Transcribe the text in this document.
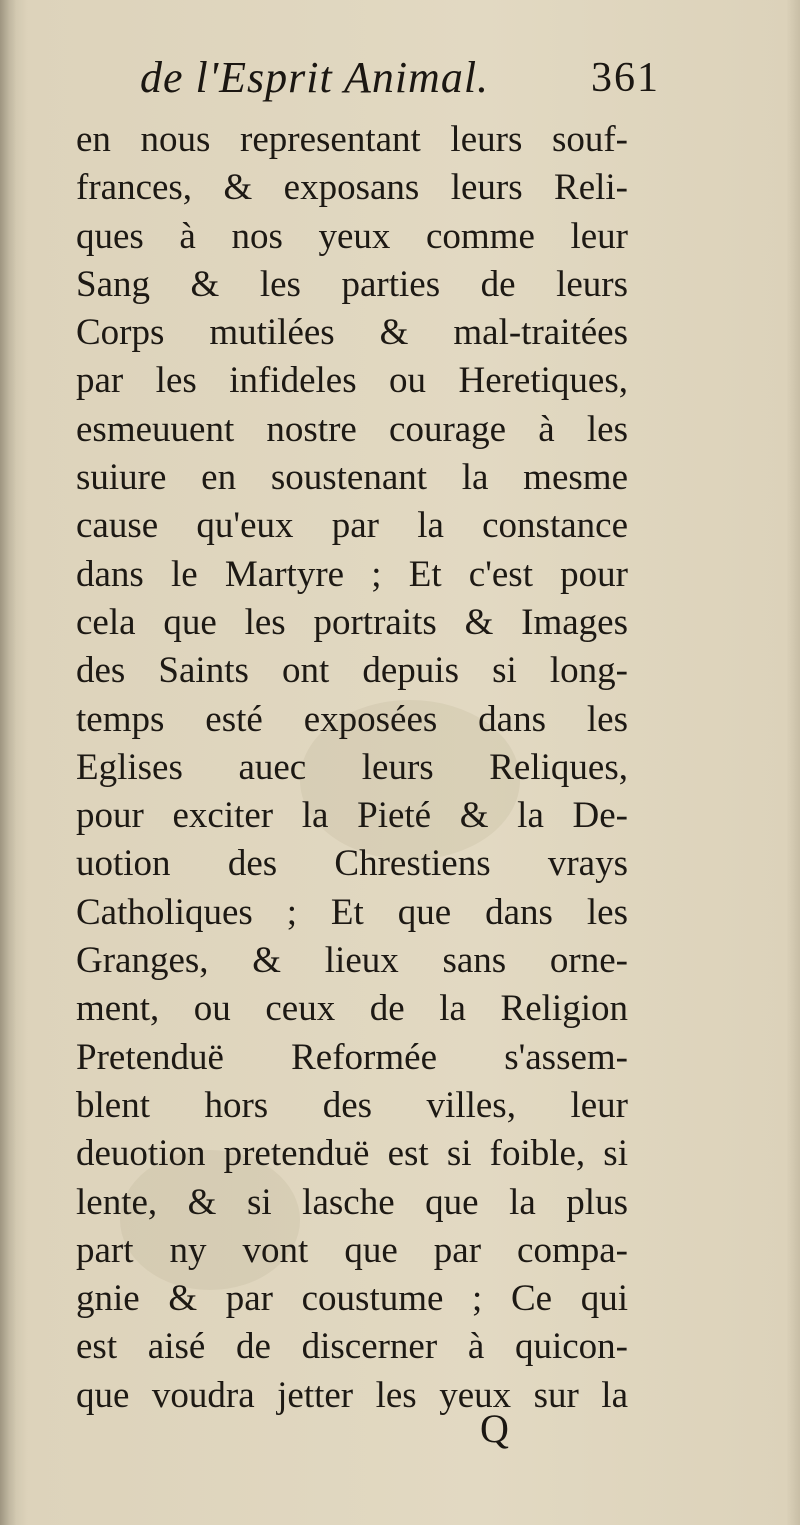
de l'Esprit Animal. 361
en nous representant leurs souf-
frances, & exposans leurs Reli-
ques à nos yeux comme leur
Sang & les parties de leurs
Corps mutilées & mal-traitées
par les infideles ou Heretiques,
esmeuuent nostre courage à les
suiure en soustenant la mesme
cause qu'eux par la constance
dans le Martyre ; Et c'est pour
cela que les portraits & Images
des Saints ont depuis si long-
temps esté exposées dans les
Eglises auec leurs Reliques,
pour exciter la Pieté & la De-
uotion des Chrestiens vrays
Catholiques ; Et que dans les
Granges, & lieux sans orne-
ment, ou ceux de la Religion
Pretenduë Reformée s'assem-
blent hors des villes, leur
deuotion pretenduë est si foible, si
lente, & si lasche que la plus
part ny vont que par compa-
gnie & par coustume ; Ce qui
est aisé de discerner à quicon-
que voudra jetter les yeux sur la
Q
